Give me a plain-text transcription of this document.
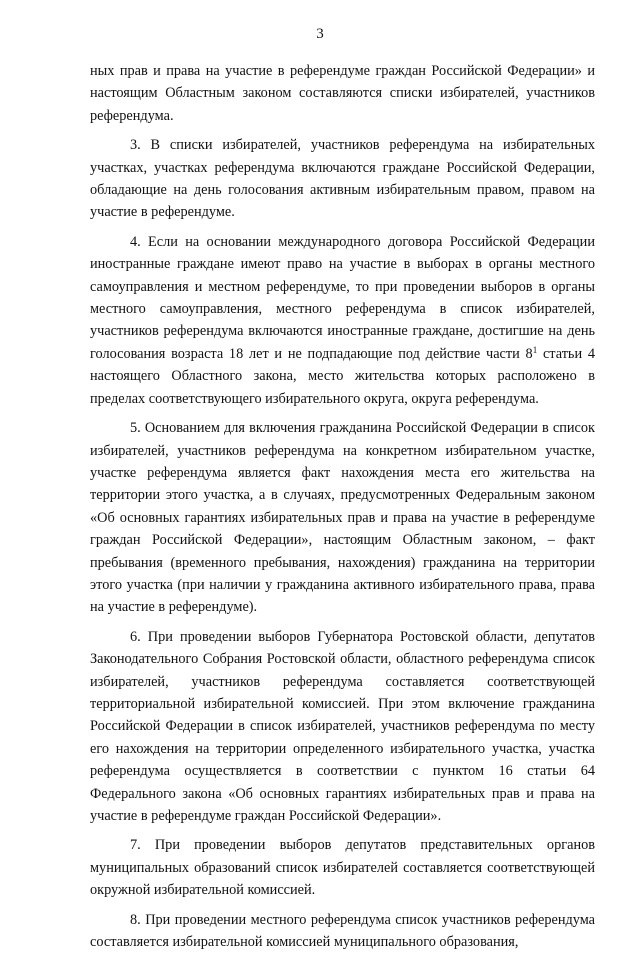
3

ных прав и права на участие в референдуме граждан Российской Федерации» и настоящим Областным законом составляются списки избирателей, участников референдума.

3. В списки избирателей, участников референдума на избирательных участках, участках референдума включаются граждане Российской Федерации, обладающие на день голосования активным избирательным правом, правом на участие в референдуме.

4. Если на основании международного договора Российской Федерации иностранные граждане имеют право на участие в выборах в органы местного самоуправления и местном референдуме, то при проведении выборов в органы местного самоуправления, местного референдума в список избирателей, участников референдума включаются иностранные граждане, достигшие на день голосования возраста 18 лет и не подпадающие под действие части $8^1$ статьи 4 настоящего Областного закона, место жительства которых расположено в пределах соответствующего избирательного округа, округа референдума.

5. Основанием для включения гражданина Российской Федерации в список избирателей, участников референдума на конкретном избирательном участке, участке референдума является факт нахождения места его жительства на территории этого участка, а в случаях, предусмотренных Федеральным законом «Об основных гарантиях избирательных прав и права на участие в референдуме граждан Российской Федерации», настоящим Областным законом, – факт пребывания (временного пребывания, нахождения) гражданина на территории этого участка (при наличии у гражданина активного избирательного права, права на участие в референдуме).

6. При проведении выборов Губернатора Ростовской области, депутатов Законодательного Собрания Ростовской области, областного референдума список избирателей, участников референдума составляется соответствующей территориальной избирательной комиссией. При этом включение гражданина Российской Федерации в список избирателей, участников референдума по месту его нахождения на территории определенного избирательного участка, участка референдума осуществляется в соответствии с пунктом 16 статьи 64 Федерального закона «Об основных гарантиях избирательных прав и права на участие в референдуме граждан Российской Федерации».

7. При проведении выборов депутатов представительных органов муниципальных образований список избирателей составляется соответствующей окружной избирательной комиссией.

8. При проведении местного референдума список участников референдума составляется избирательной комиссией муниципального образования,
